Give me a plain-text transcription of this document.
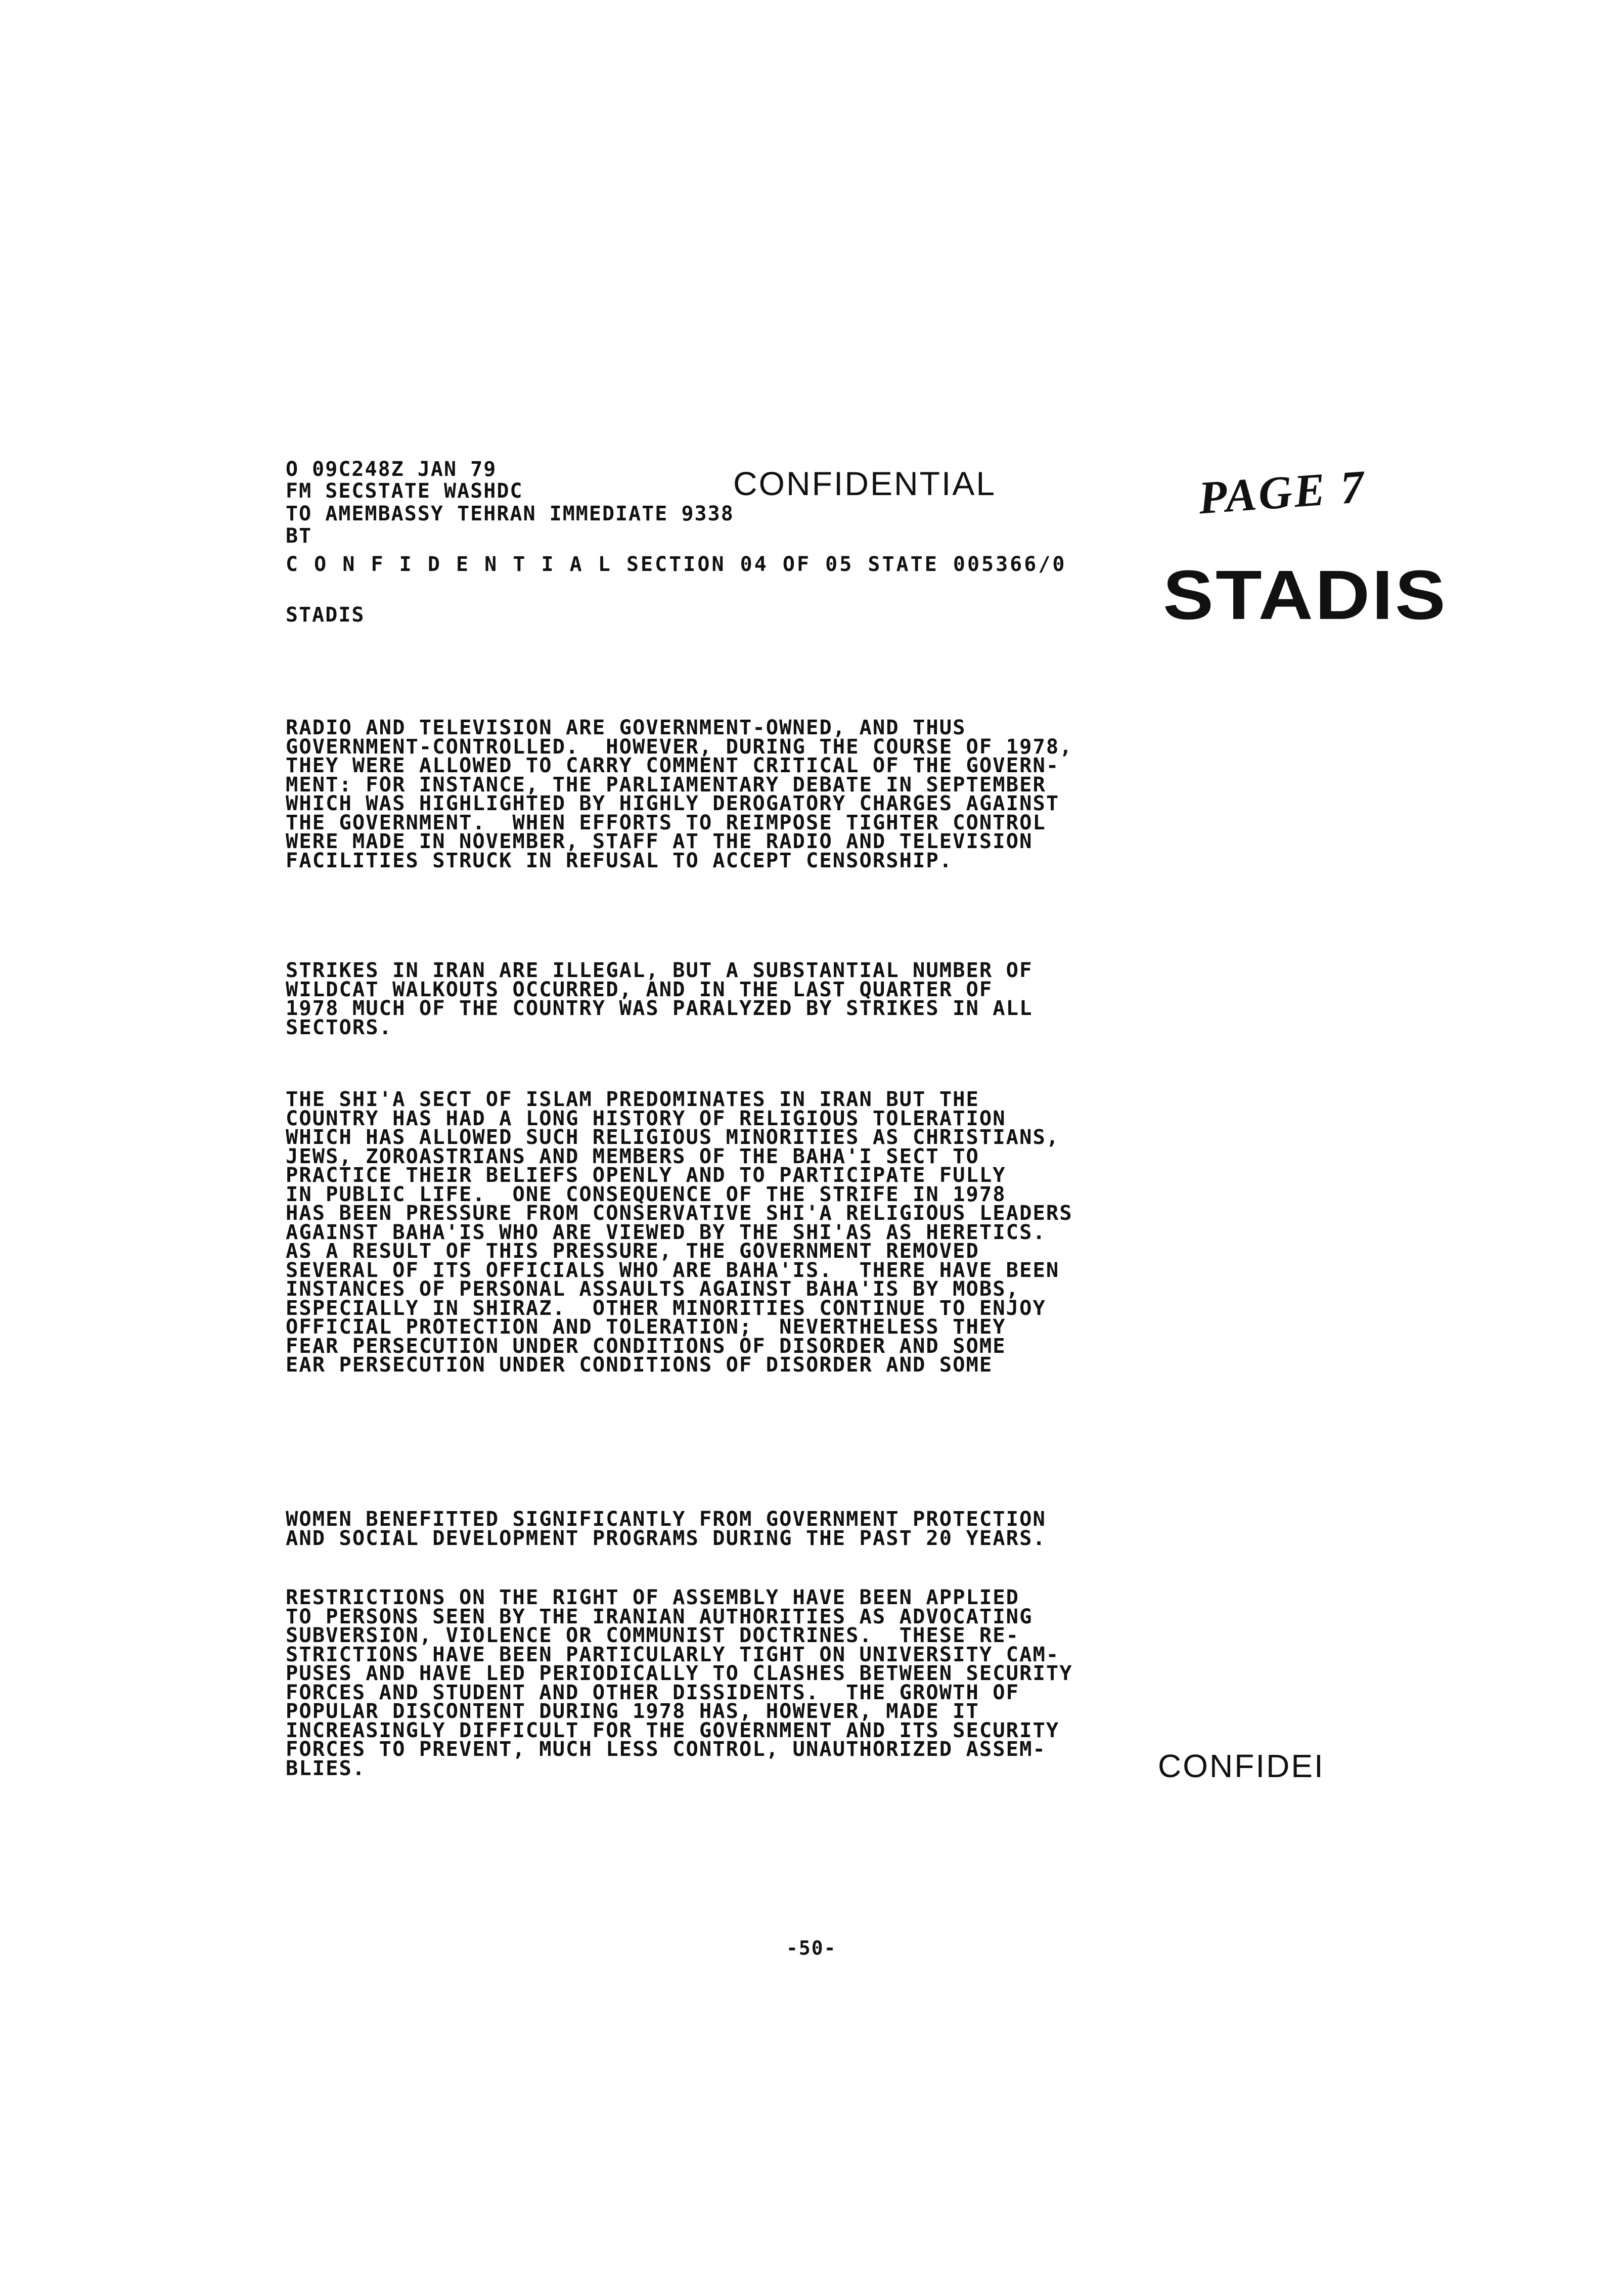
O 09C248Z JAN 79
FM SECSTATE WASHDC
TO AMEMBASSY TEHRAN IMMEDIATE 9338
BT
C O N F I D E N T I A L SECTION 04 OF 05 STATE 005366/0
STADIS
CONFIDENTIAL	PAGE 7
STADIS
RADIO AND TELEVISION ARE GOVERNMENT-OWNED, AND THUS
GOVERNMENT-CONTROLLED.  HOWEVER, DURING THE COURSE OF 1978,
THEY WERE ALLOWED TO CARRY COMMENT CRITICAL OF THE GOVERN-
MENT: FOR INSTANCE, THE PARLIAMENTARY DEBATE IN SEPTEMBER
WHICH WAS HIGHLIGHTED BY HIGHLY DEROGATORY CHARGES AGAINST
THE GOVERNMENT.  WHEN EFFORTS TO REIMPOSE TIGHTER CONTROL
WERE MADE IN NOVEMBER, STAFF AT THE RADIO AND TELEVISION
FACILITIES STRUCK IN REFUSAL TO ACCEPT CENSORSHIP.
STRIKES IN IRAN ARE ILLEGAL, BUT A SUBSTANTIAL NUMBER OF
WILDCAT WALKOUTS OCCURRED, AND IN THE LAST QUARTER OF
1978 MUCH OF THE COUNTRY WAS PARALYZED BY STRIKES IN ALL
SECTORS.
THE SHI'A SECT OF ISLAM PREDOMINATES IN IRAN BUT THE
COUNTRY HAS HAD A LONG HISTORY OF RELIGIOUS TOLERATION
WHICH HAS ALLOWED SUCH RELIGIOUS MINORITIES AS CHRISTIANS,
JEWS, ZOROASTRIANS AND MEMBERS OF THE BAHA'I SECT TO
PRACTICE THEIR BELIEFS OPENLY AND TO PARTICIPATE FULLY
IN PUBLIC LIFE.  ONE CONSEQUENCE OF THE STRIFE IN 1978
HAS BEEN PRESSURE FROM CONSERVATIVE SHI'A RELIGIOUS LEADERS
AGAINST BAHA'IS WHO ARE VIEWED BY THE SHI'AS AS HERETICS.
AS A RESULT OF THIS PRESSURE, THE GOVERNMENT REMOVED
SEVERAL OF ITS OFFICIALS WHO ARE BAHA'IS.  THERE HAVE BEEN
INSTANCES OF PERSONAL ASSAULTS AGAINST BAHA'IS BY MOBS,
ESPECIALLY IN SHIRAZ.  OTHER MINORITIES CONTINUE TO ENJOY
OFFICIAL PROTECTION AND TOLERATION;  NEVERTHELESS THEY
FEAR PERSECUTION UNDER CONDITIONS OF DISORDER AND SOME
EAR PERSECUTION UNDER CONDITIONS OF DISORDER AND SOME
WOMEN BENEFITTED SIGNIFICANTLY FROM GOVERNMENT PROTECTION
AND SOCIAL DEVELOPMENT PROGRAMS DURING THE PAST 20 YEARS.
RESTRICTIONS ON THE RIGHT OF ASSEMBLY HAVE BEEN APPLIED
TO PERSONS SEEN BY THE IRANIAN AUTHORITIES AS ADVOCATING
SUBVERSION, VIOLENCE OR COMMUNIST DOCTRINES.  THESE RE-
STRICTIONS HAVE BEEN PARTICULARLY TIGHT ON UNIVERSITY CAM-
PUSES AND HAVE LED PERIODICALLY TO CLASHES BETWEEN SECURITY
FORCES AND STUDENT AND OTHER DISSIDENTS.  THE GROWTH OF
POPULAR DISCONTENT DURING 1978 HAS, HOWEVER, MADE IT
INCREASINGLY DIFFICULT FOR THE GOVERNMENT AND ITS SECURITY
FORCES TO PREVENT, MUCH LESS CONTROL, UNAUTHORIZED ASSEM-
BLIES.	CONFIDEI
-50-
